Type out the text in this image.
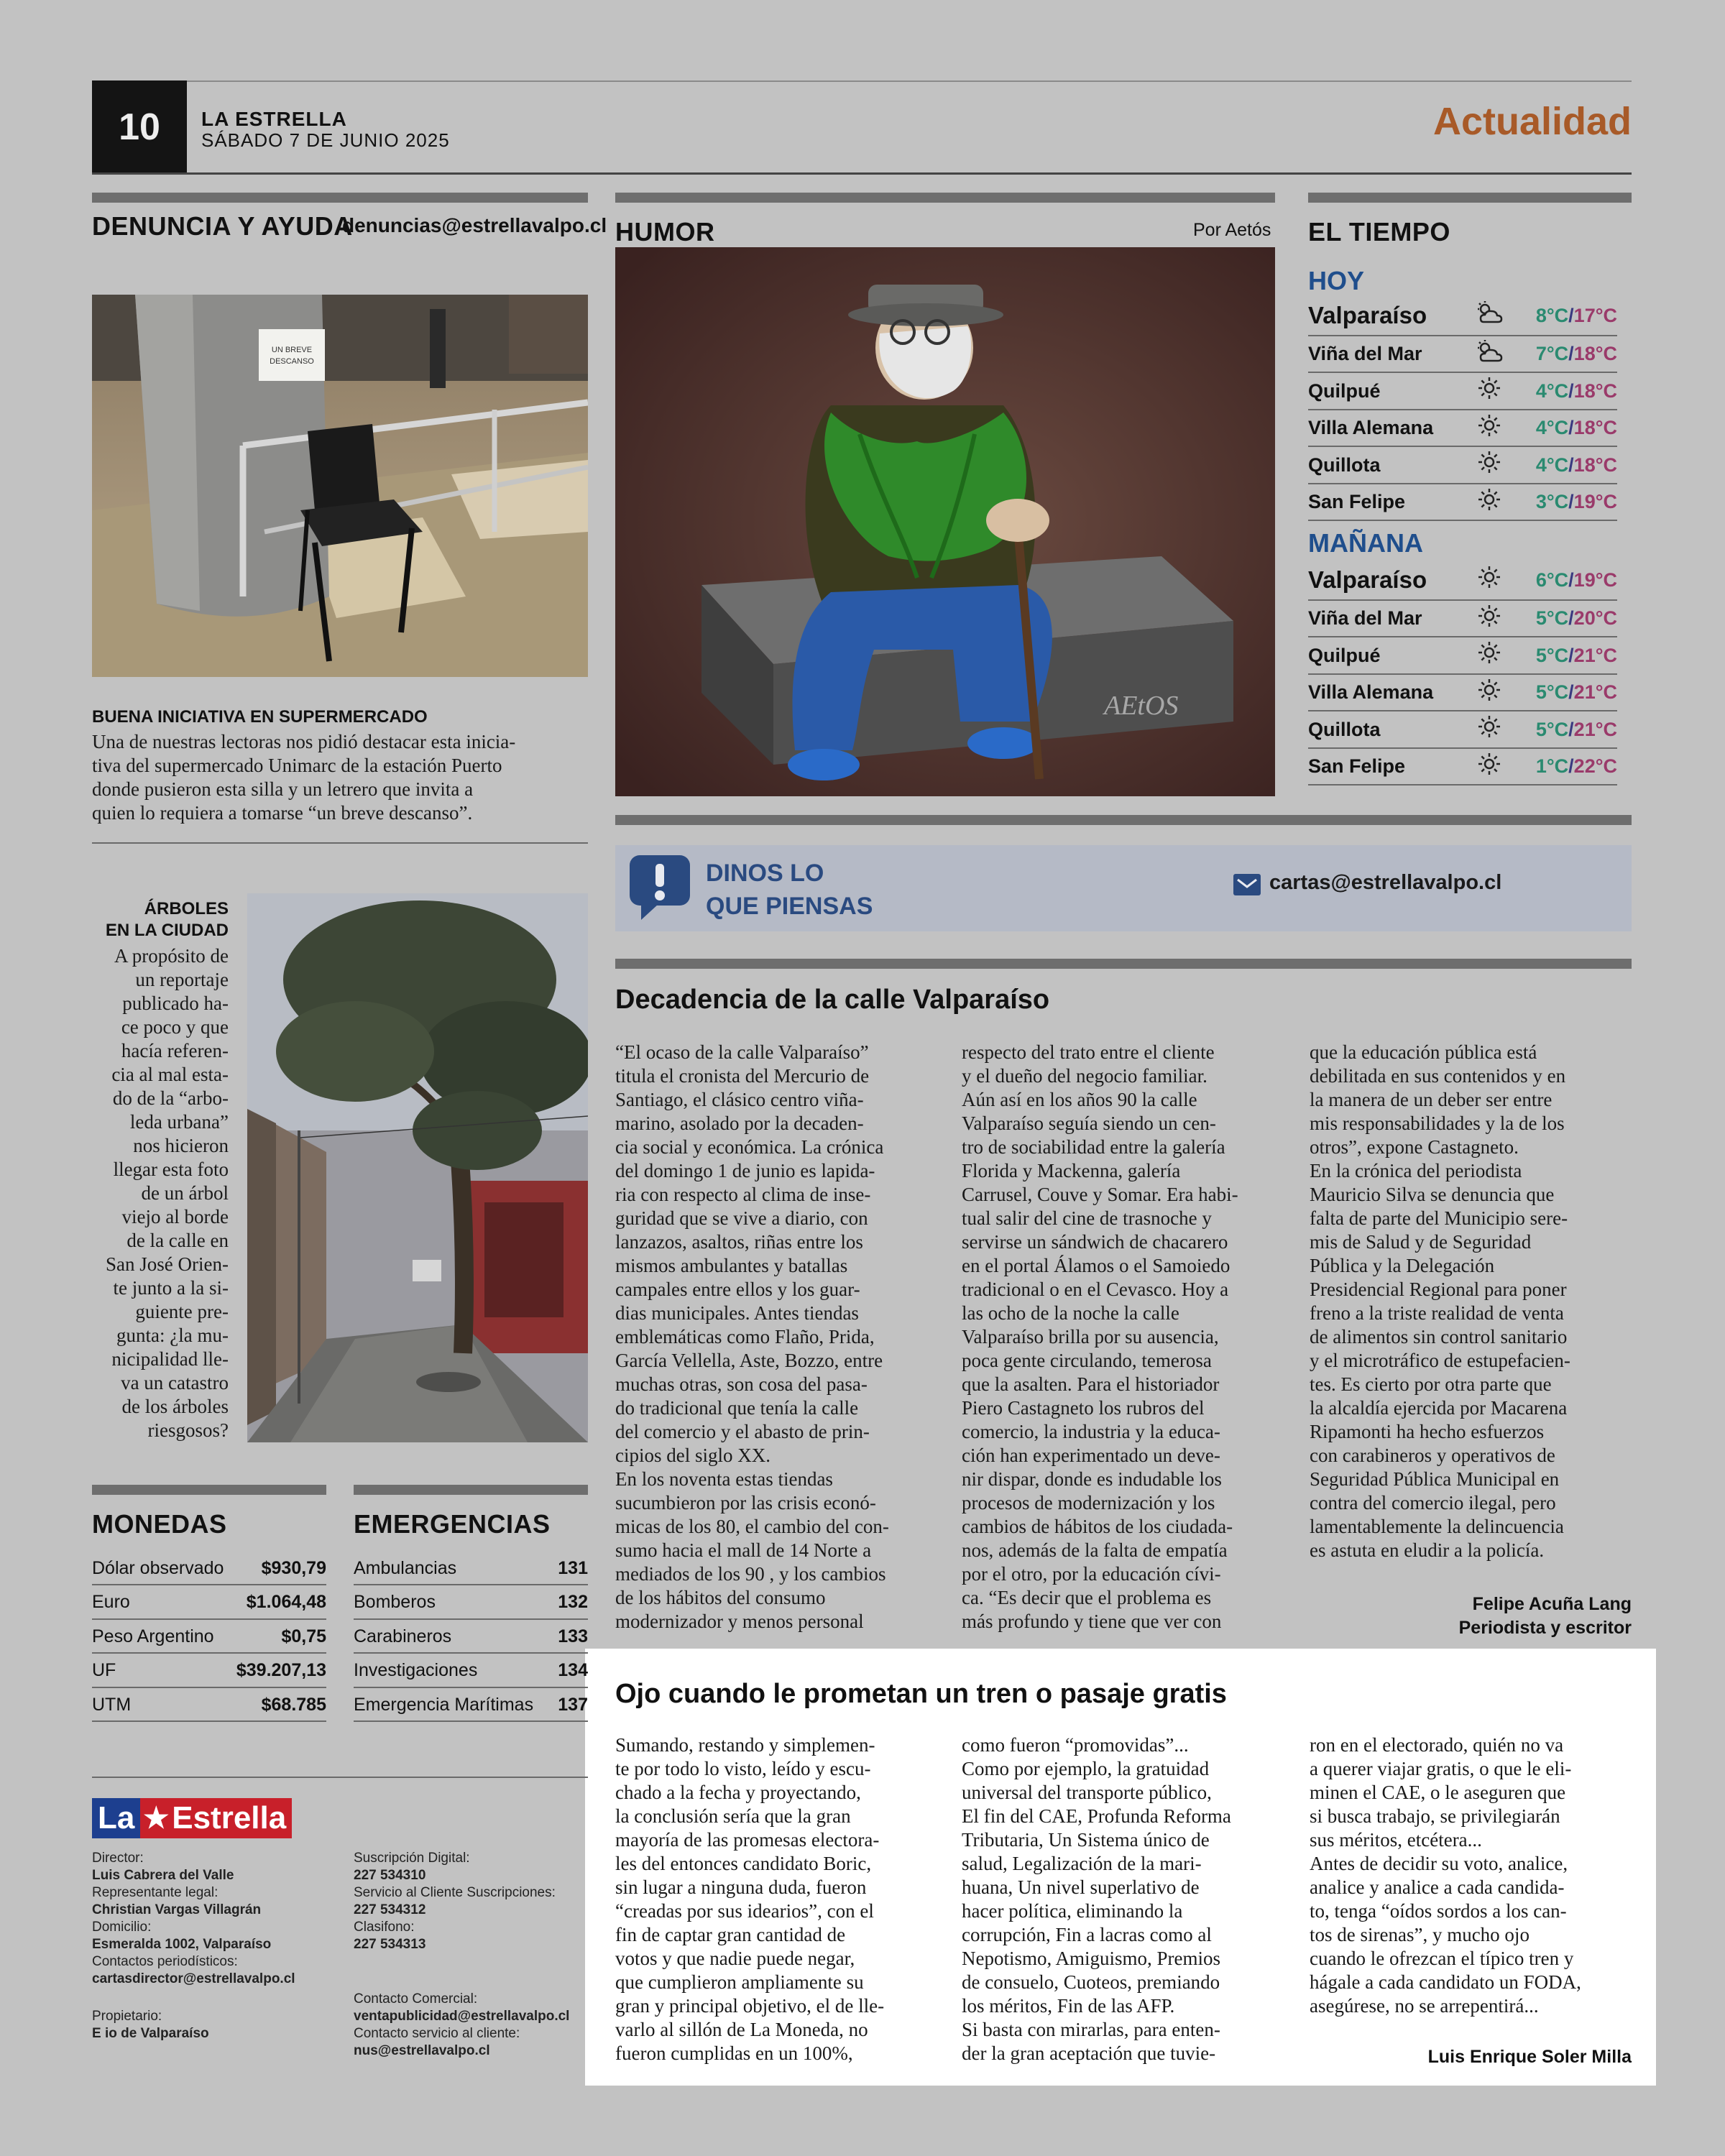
10	LA ESTRELLA
SÁBADO 7 DE JUNIO 2025	Actualidad
DENUNCIA Y AYUDA
denuncias@estrellavalpo.cl
UN BREVE
DESCANSO
BUENA INICIATIVA EN SUPERMERCADO
Una de nuestras lectoras nos pidió destacar esta inicia-
tiva del supermercado Unimarc de la estación Puerto
donde pusieron esta silla y un letrero que invita a
quien lo requiera a tomarse “un breve descanso”.
ÁRBOLES
EN LA CIUDAD
A propósito de
un reportaje
publicado ha-
ce poco y que
hacía referen-
cia al mal esta-
do de la “arbo-
leda urbana”
nos hicieron
llegar esta foto
de un árbol
viejo al borde
de la calle en
San José Orien-
te junto a la si-
guiente pre-
gunta: ¿la mu-
nicipalidad lle-
va un catastro
de los árboles
riesgosos?
HUMOR	Por Aetós
AEtOS
EL TIEMPO
HOY
Valparaíso	8°C/17°C
Viña del Mar	7°C/18°C
Quilpué	4°C/18°C
Villa Alemana	4°C/18°C
Quillota	4°C/18°C
San Felipe	3°C/19°C
MAÑANA
Valparaíso	6°C/19°C
Viña del Mar	5°C/20°C
Quilpué	5°C/21°C
Villa Alemana	5°C/21°C
Quillota	5°C/21°C
San Felipe	1°C/22°C
DINOS LO
QUE PIENSAS
cartas@estrellavalpo.cl
Decadencia de la calle Valparaíso
“El ocaso de la calle Valparaíso”
titula el cronista del Mercurio de
Santiago, el clásico centro viña-
marino, asolado por la decaden-
cia social y económica. La crónica
del domingo 1 de junio es lapida-
ria con respecto al clima de inse-
guridad que se vive a diario, con
lanzazos, asaltos, riñas entre los
mismos ambulantes y batallas
campales entre ellos y los guar-
dias municipales. Antes tiendas
emblemáticas como Flaño, Prida,
García Vellella, Aste, Bozzo, entre
muchas otras, son cosa del pasa-
do tradicional que tenía la calle
del comercio y el abasto de prin-
cipios del siglo XX.
En los noventa estas tiendas
sucumbieron por las crisis econó-
micas de los 80, el cambio del con-
sumo hacia el mall de 14 Norte a
mediados de los 90 , y los cambios
de los hábitos del consumo
modernizador y menos personal
respecto del trato entre el cliente
y el dueño del negocio familiar.
Aún así en los años 90 la calle
Valparaíso seguía siendo un cen-
tro de sociabilidad entre la galería
Florida y Mackenna, galería
Carrusel, Couve y Somar. Era habi-
tual salir del cine de trasnoche y
servirse un sándwich de chacarero
en el portal Álamos o el Samoiedo
tradicional o en el Cevasco. Hoy a
las ocho de la noche la calle
Valparaíso brilla por su ausencia,
poca gente circulando, temerosa
que la asalten. Para el historiador
Piero Castagneto los rubros del
comercio, la industria y la educa-
ción han experimentado un deve-
nir dispar, donde es indudable los
procesos de modernización y los
cambios de hábitos de los ciudada-
nos, además de la falta de empatía
por el otro, por la educación cívi-
ca. “Es decir que el problema es
más profundo y tiene que ver con
que la educación pública está
debilitada en sus contenidos y en
la manera de un deber ser entre
mis responsabilidades y la de los
otros”, expone Castagneto.
En la crónica del periodista
Mauricio Silva se denuncia que
falta de parte del Municipio sere-
mis de Salud y de Seguridad
Pública y la Delegación
Presidencial Regional para poner
freno a la triste realidad de venta
de alimentos sin control sanitario
y el microtráfico de estupefacien-
tes. Es cierto por otra parte que
la alcaldía ejercida por Macarena
Ripamonti ha hecho esfuerzos
con carabineros y operativos de
Seguridad Pública Municipal en
contra del comercio ilegal, pero
lamentablemente la delincuencia
es astuta en eludir a la policía.
Felipe Acuña Lang
Periodista y escritor
Ojo cuando le prometan un tren o pasaje gratis
Sumando, restando y simplemen-
te por todo lo visto, leído y escu-
chado a la fecha y proyectando,
la conclusión sería que la gran
mayoría de las promesas electora-
les del entonces candidato Boric,
sin lugar a ninguna duda, fueron
“creadas por sus idearios”, con el
fin de captar gran cantidad de
votos y que nadie puede negar,
que cumplieron ampliamente su
gran y principal objetivo, el de lle-
varlo al sillón de La Moneda, no
fueron cumplidas en un 100%,
como fueron “promovidas”...
Como por ejemplo, la gratuidad
universal del transporte público,
El fin del CAE, Profunda Reforma
Tributaria, Un Sistema único de
salud, Legalización de la mari-
huana, Un nivel superlativo de
hacer política, eliminando la
corrupción, Fin a lacras como al
Nepotismo, Amiguismo, Premios
de consuelo, Cuoteos, premiando
los méritos, Fin de las AFP.
Si basta con mirarlas, para enten-
der la gran aceptación que tuvie-
ron en el electorado, quién no va
a querer viajar gratis, o que le eli-
minen el CAE, o le aseguren que
si busca trabajo, se privilegiarán
sus méritos, etcétera...
Antes de decidir su voto, analice,
analice y analice a cada candida-
to, tenga “oídos sordos a los can-
tos de sirenas”, y mucho ojo
cuando le ofrezcan el típico tren y
hágale a cada candidato un FODA,
asegúrese, no se arrepentirá...
Luis Enrique Soler Milla
MONEDAS
Dólar observado	$930,79
Euro	$1.064,48
Peso Argentino	$0,75
UF	$39.207,13
UTM	$68.785
EMERGENCIAS
Ambulancias	131
Bomberos	132
Carabineros	133
Investigaciones	134
Emergencia Marítimas	137
La ★ Estrella
Director:
Luis Cabrera del Valle
Representante legal:
Christian Vargas Villagrán
Domicilio:
Esmeralda 1002, Valparaíso
Contactos periodísticos:
cartasdirector@estrellavalpo.cl
Propietario:
E io de Valparaíso
Suscripción Digital:
227 534310
Servicio al Cliente Suscripciones:
227 534312
Clasifono:
227 534313
Contacto Comercial:
ventapublicidad@estrellavalpo.cl
Contacto servicio al cliente:
nus@estrellavalpo.cl
